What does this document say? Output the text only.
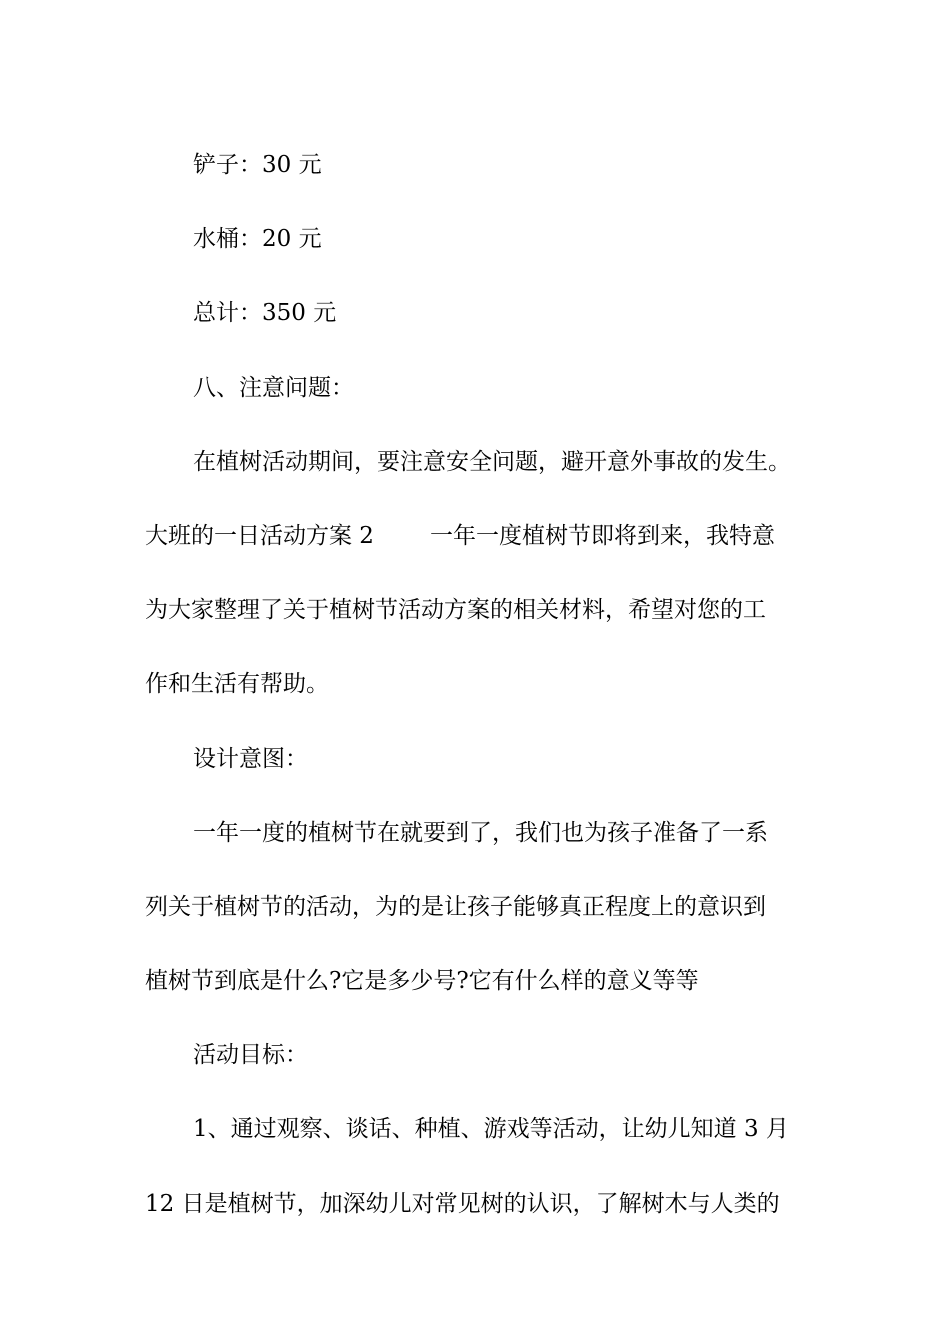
铲子：30 元
水桶：20 元
总计：350 元
八、注意问题：
在植树活动期间，要注意安全问题，避开意外事故的发生。
大班的一日活动方案 2 一年一度植树节即将到来，我特意
为大家整理了关于植树节活动方案的相关材料，希望对您的工
作和生活有帮助。
设计意图：
一年一度的植树节在就要到了，我们也为孩子准备了一系
列关于植树节的活动，为的是让孩子能够真正程度上的意识到
植树节到底是什么?它是多少号?它有什么样的意义等等
活动目标：
1、通过观察、谈话、种植、游戏等活动，让幼儿知道 3 月
12 日是植树节，加深幼儿对常见树的认识，了解树木与人类的
